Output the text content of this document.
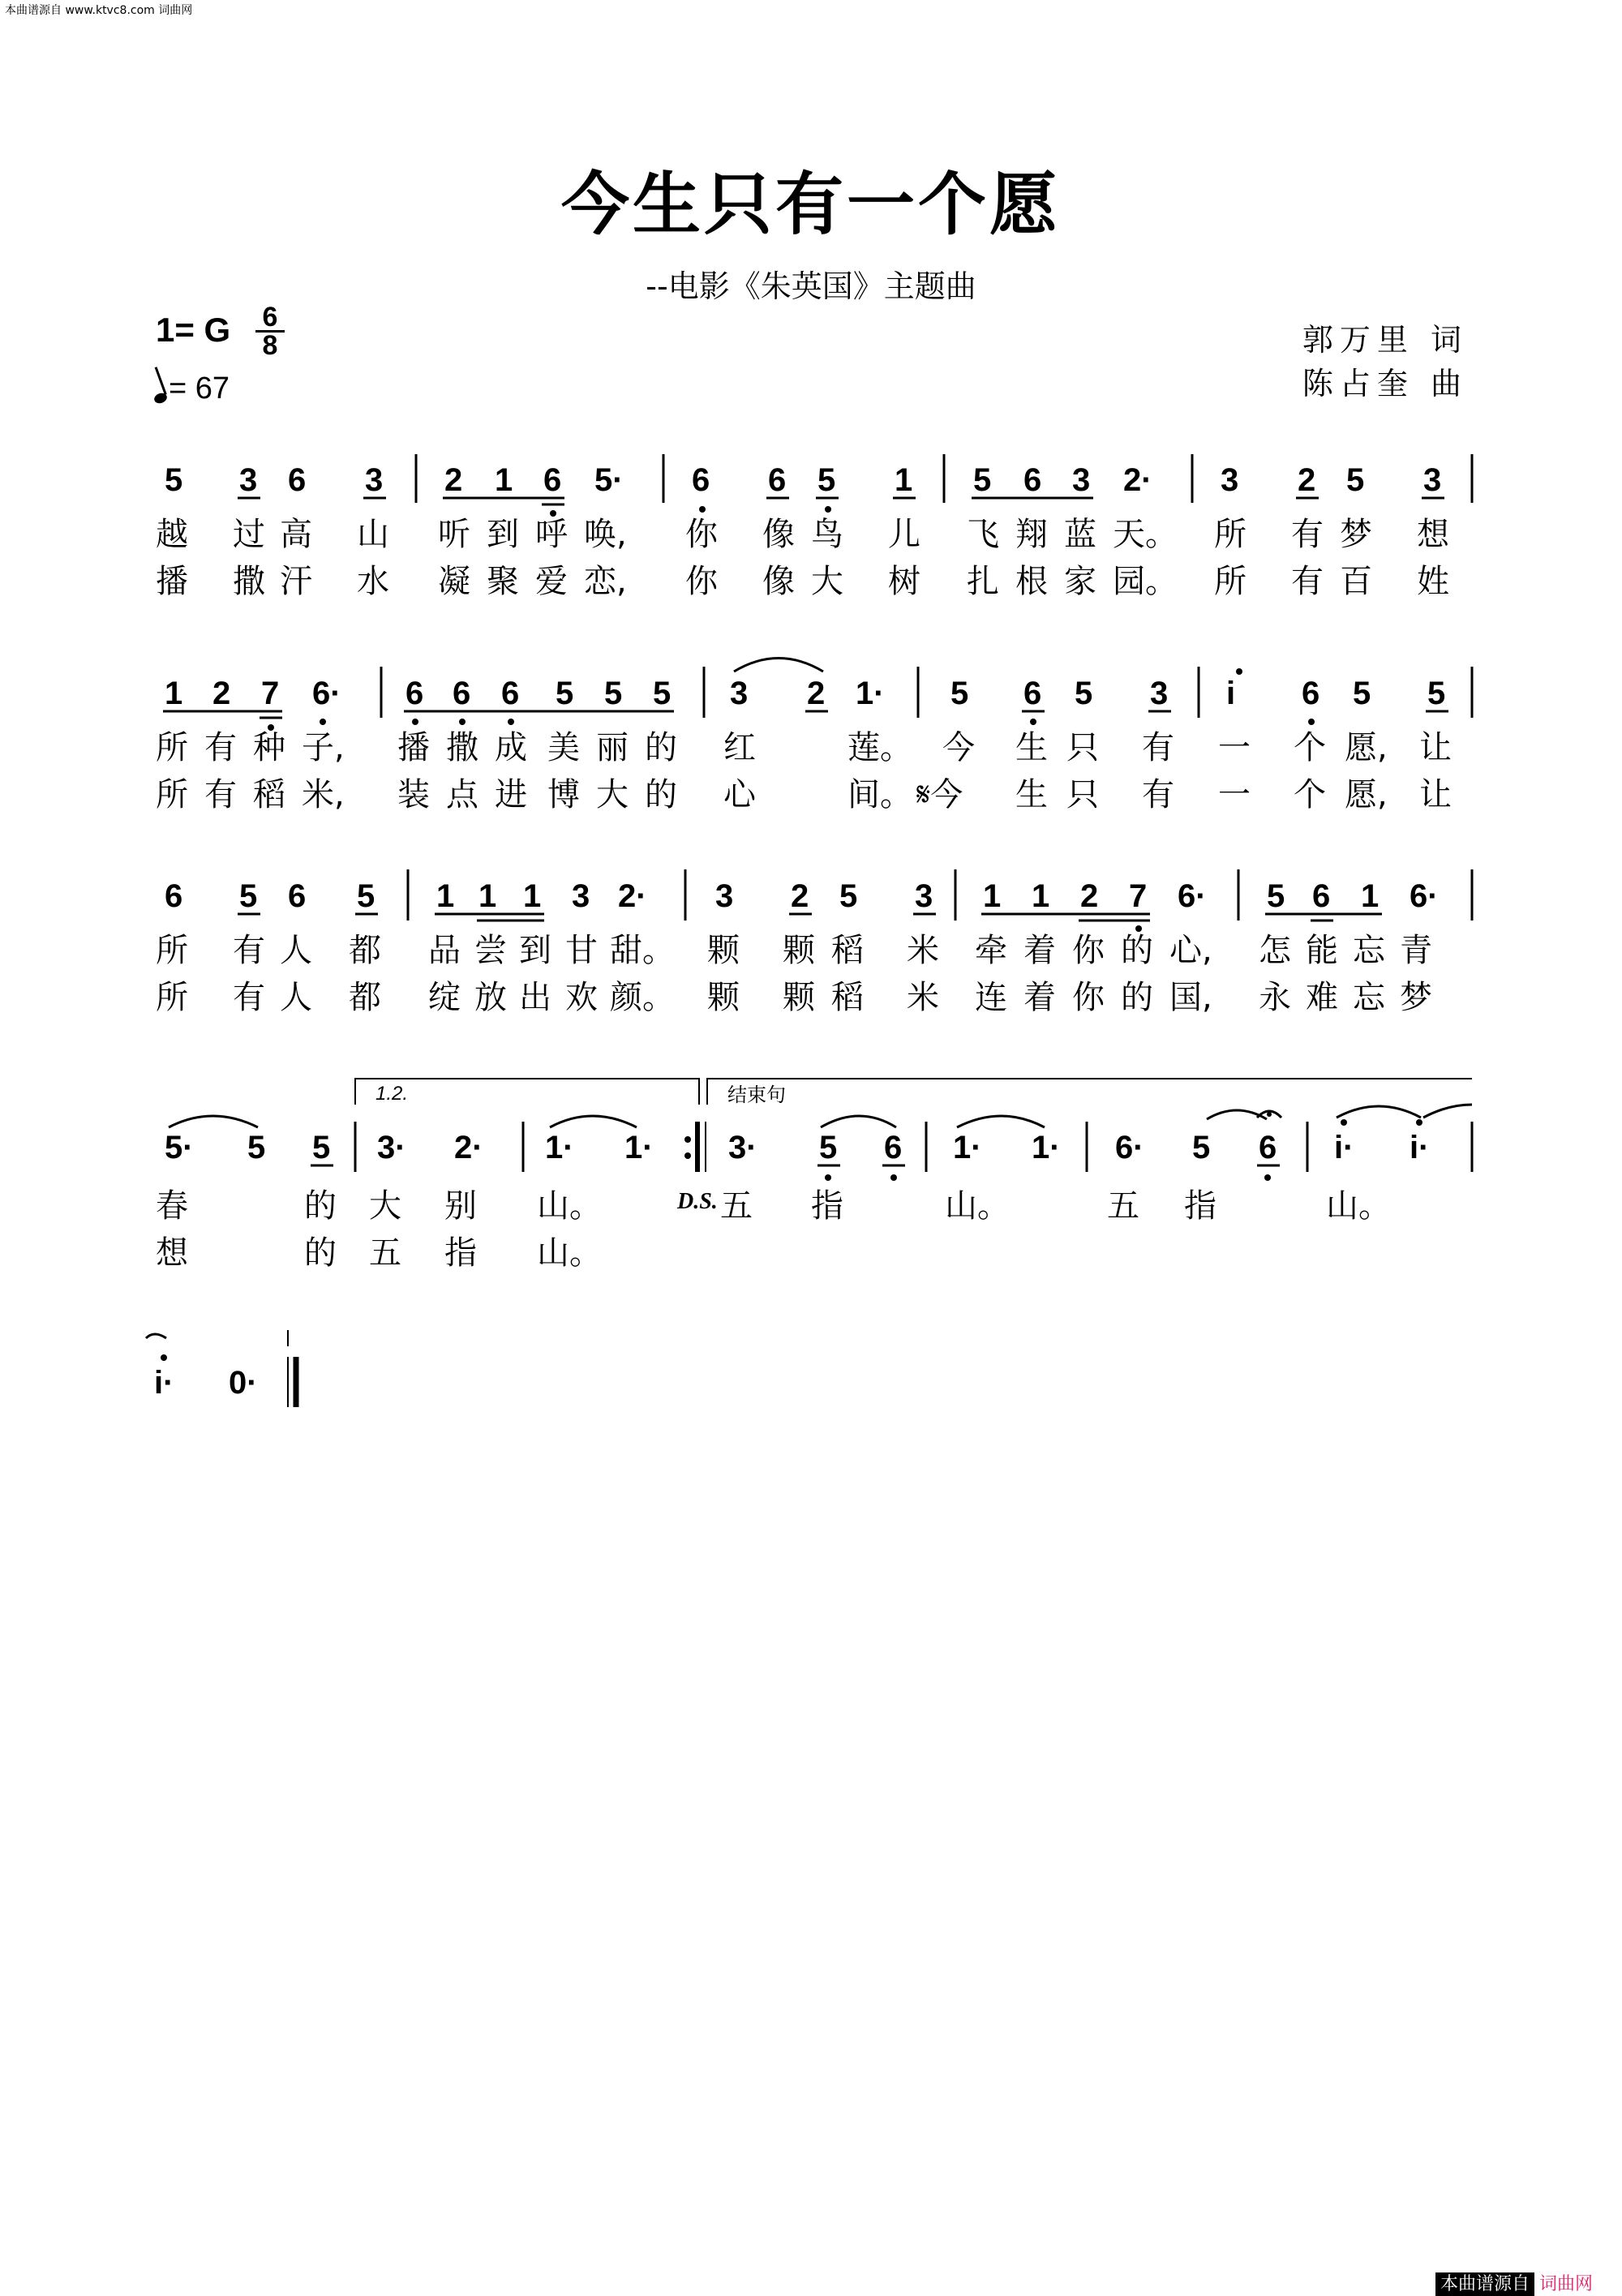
本曲谱源自 www.ktvc8.com 词曲网
今生只有一个愿
--电影《朱英国》主题曲
郭万里 词
陈占奎 曲
1= G	6
8
= 67
5 3 6 3 2 1 6 5· 6 6 5 1 5 6 3 2· 3 2 5 3
越 过 高 山 听 到 呼 唤, 你 像 鸟 儿 飞 翔 蓝 天。 所 有 梦 想
播 撒 汗 水 凝 聚 爱 恋, 你 像 大 树 扎 根 家 园。 所 有 百 姓
1 2 7 6· 6 6 6 5 5 5 3 2 1· 5 6 5 3 i 6 5 5
所 有 种 子, 播 撒 成 美 丽 的 红	莲。 今 生 只 有 一 个 愿, 让
所 有 稻 米, 装 点 进 博 大 的 心	间。 𝄋今 生 只 有 一 个 愿, 让
6 5 6 5 1 1 1 3 2· 3 2 5 3 1 1 2 7 6· 5 6 1 6·
所 有 人 都 品 尝 到 甘 甜。 颗 颗 稻 米 牵 着 你 的 心, 怎 能 忘 青
所 有 人 都 绽 放 出 欢 颜。 颗 颗 稻 米 连 着 你 的 国, 永 难 忘 梦
1.2.	结束句
5· 5 5 3· 2· 1· 1· 3· 5 6 1· 1· 6· 5 6 i· i·
D.S.
春	的 大 别 山。	五 指	山。	五 指	山。
想	的 五 指 山。
i· 0·
本曲谱源自 词曲网
